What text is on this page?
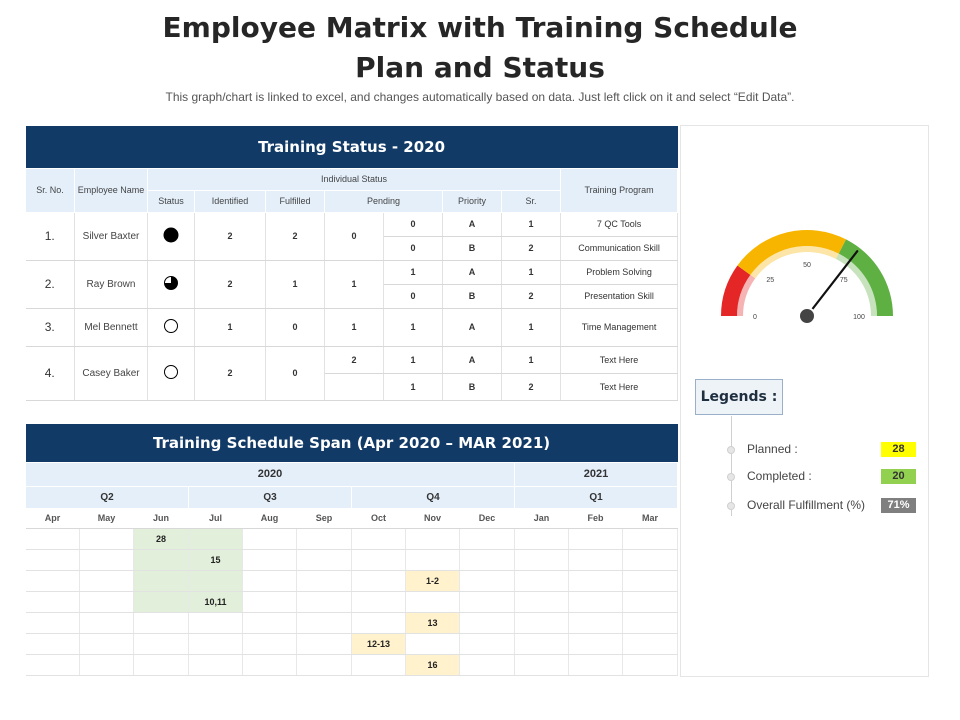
Employee Matrix with Training Schedule
Plan and Status
This graph/chart is linked to excel, and changes automatically based on data. Just left click on it and select “Edit Data”.
Training Status - 2020									
Sr. No.	Employee Name	Individual Status							Training Program
		Status	Identified	Fulfilled	Pending		Priority	Sr.	
1.	Silver Baxter		2	2	0	0	A	1	7 QC Tools
						0	B	2	Communication Skill
2.	Ray Brown		2	1	1	1	A	1	Problem Solving
						0	B	2	Presentation Skill
3.	Mel Bennett		1	0	1	1	A	1	Time Management
4.	Casey Baker		2	0	2	1	A	1	Text Here
						1	B	2	Text Here
Training Schedule Span (Apr 2020 – MAR 2021)											
2020									2021		
Q2			Q3			Q4			Q1		
Apr	May	Jun	Jul	Aug	Sep	Oct	Nov	Dec	Jan	Feb	Mar
		28									
			15								
							1-2				
			10,11								
							13				
						12-13					
							16				
0
25
50
75
100
Legends :
Planned :	28
Completed :	20
Overall Fulfillment (%)	71%
